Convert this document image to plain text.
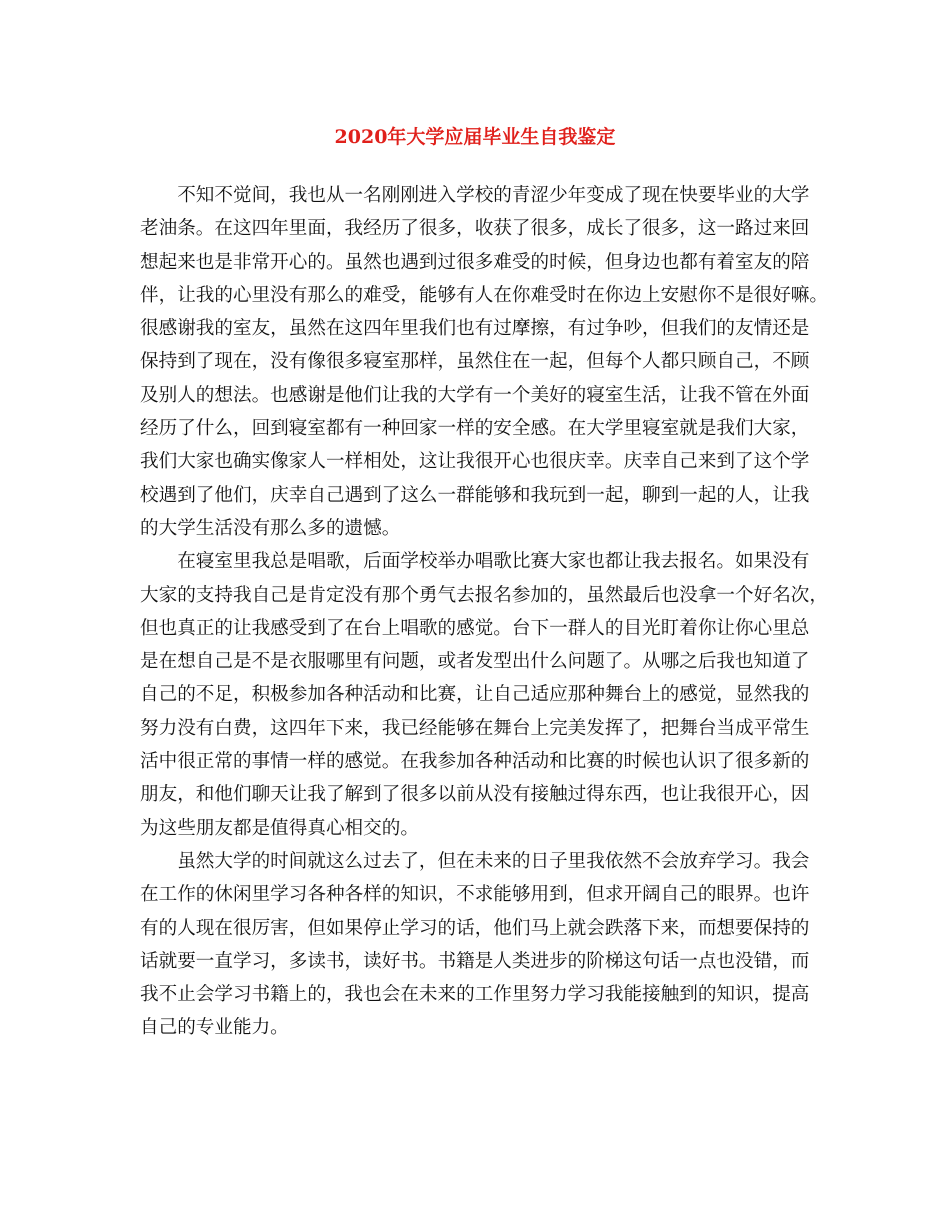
2020年大学应届毕业生自我鉴定

不知不觉间，我也从一名刚刚进入学校的青涩少年变成了现在快要毕业的大学
老油条。在这四年里面，我经历了很多，收获了很多，成长了很多，这一路过来回
想起来也是非常开心的。虽然也遇到过很多难受的时候，但身边也都有着室友的陪
伴，让我的心里没有那么的难受，能够有人在你难受时在你边上安慰你不是很好嘛。
很感谢我的室友，虽然在这四年里我们也有过摩擦，有过争吵，但我们的友情还是
保持到了现在，没有像很多寝室那样，虽然住在一起，但每个人都只顾自己，不顾
及别人的想法。也感谢是他们让我的大学有一个美好的寝室生活，让我不管在外面
经历了什么，回到寝室都有一种回家一样的安全感。在大学里寝室就是我们大家，
我们大家也确实像家人一样相处，这让我很开心也很庆幸。庆幸自己来到了这个学
校遇到了他们，庆幸自己遇到了这么一群能够和我玩到一起，聊到一起的人，让我
的大学生活没有那么多的遗憾。

在寝室里我总是唱歌，后面学校举办唱歌比赛大家也都让我去报名。如果没有
大家的支持我自己是肯定没有那个勇气去报名参加的，虽然最后也没拿一个好名次，
但也真正的让我感受到了在台上唱歌的感觉。台下一群人的目光盯着你让你心里总
是在想自己是不是衣服哪里有问题，或者发型出什么问题了。从哪之后我也知道了
自己的不足，积极参加各种活动和比赛，让自己适应那种舞台上的感觉，显然我的
努力没有白费，这四年下来，我已经能够在舞台上完美发挥了，把舞台当成平常生
活中很正常的事情一样的感觉。在我参加各种活动和比赛的时候也认识了很多新的
朋友，和他们聊天让我了解到了很多以前从没有接触过得东西，也让我很开心，因
为这些朋友都是值得真心相交的。

虽然大学的时间就这么过去了，但在未来的日子里我依然不会放弃学习。我会
在工作的休闲里学习各种各样的知识，不求能够用到，但求开阔自己的眼界。也许
有的人现在很厉害，但如果停止学习的话，他们马上就会跌落下来，而想要保持的
话就要一直学习，多读书，读好书。书籍是人类进步的阶梯这句话一点也没错，而
我不止会学习书籍上的，我也会在未来的工作里努力学习我能接触到的知识，提高
自己的专业能力。
